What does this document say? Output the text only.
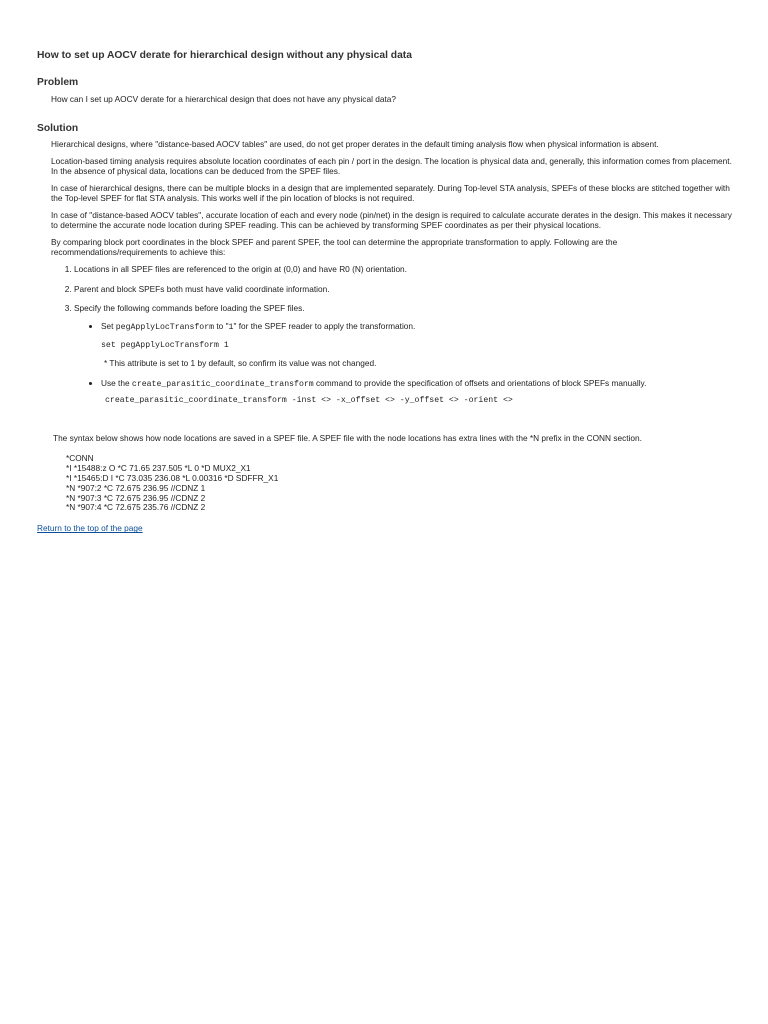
How to set up AOCV derate for hierarchical design without any physical data
Problem

How can I set up AOCV derate for a hierarchical design that does not have any physical data?

Solution

Hierarchical designs, where "distance-based AOCV tables" are used, do not get proper derates in the default timing analysis flow when physical information is absent.

Location-based timing analysis requires absolute location coordinates of each pin / port in the design. The location is physical data and, generally, this information comes from placement. In the absence of physical data, locations can be deduced from the SPEF files.

In case of hierarchical designs, there can be multiple blocks in a design that are implemented separately. During Top-level STA analysis, SPEFs of these blocks are stitched together with the Top-level SPEF for flat STA analysis. This works well if the pin location of blocks is not required.

In case of "distance-based AOCV tables", accurate location of each and every node (pin/net) in the design is required to calculate accurate derates in the design. This makes it necessary to determine the accurate node location during SPEF reading. This can be achieved by transforming SPEF coordinates as per their physical locations.

By comparing block port coordinates in the block SPEF and parent SPEF, the tool can determine the appropriate transformation to apply. Following are the recommendations/requirements to achieve this:

1. Locations in all SPEF files are referenced to the origin at (0,0) and have R0 (N) orientation.
2. Parent and block SPEFs both must have valid coordinate information.
3. Specify the following commands before loading the SPEF files.
• Set pegApplyLocTransform to "1" for the SPEF reader to apply the transformation.
set pegApplyLocTransform 1
* This attribute is set to 1 by default, so confirm its value was not changed.
• Use the create_parasitic_coordinate_transform command to provide the specification of offsets and orientations of block SPEFs manually.
create_parasitic_coordinate_transform -inst <> -x_offset <> -y_offset <> -orient <>

The syntax below shows how node locations are saved in a SPEF file. A SPEF file with the node locations has extra lines with the *N prefix in the CONN section.

*CONN
*I *15488:z O *C 71.65 237.505 *L 0 *D MUX2_X1
*I *15465:D I *C 73.035 236.08 *L 0.00316 *D SDFFR_X1
*N *907:2 *C 72.675 236.95 //CDNZ 1
*N *907:3 *C 72.675 236.95 //CDNZ 2
*N *907:4 *C 72.675 235.76 //CDNZ 2
Return to the top of the page
